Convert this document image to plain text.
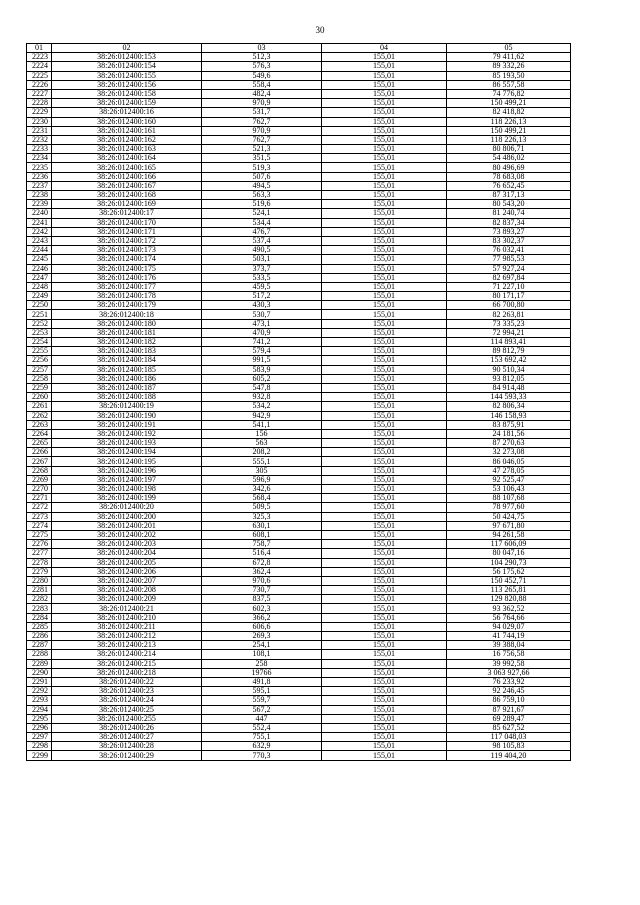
30
01	02	03	04	05
2223	38:26:012400:153	512,3	155,01	79 411,62
2224	38:26:012400:154	576,3	155,01	89 332,26
2225	38:26:012400:155	549,6	155,01	85 193,50
2226	38:26:012400:156	558,4	155,01	86 557,58
2227	38:26:012400:158	482,4	155,01	74 776,82
2228	38:26:012400:159	970,9	155,01	150 499,21
2229	38:26:012400:16	531,7	155,01	82 418,82
2230	38:26:012400:160	762,7	155,01	118 226,13
2231	38:26:012400:161	970,9	155,01	150 499,21
2232	38:26:012400:162	762,7	155,01	118 226,13
2233	38:26:012400:163	521,3	155,01	80 806,71
2234	38:26:012400:164	351,5	155,01	54 486,02
2235	38:26:012400:165	519,3	155,01	80 496,69
2236	38:26:012400:166	507,6	155,01	78 683,08
2237	38:26:012400:167	494,5	155,01	76 652,45
2238	38:26:012400:168	563,3	155,01	87 317,13
2239	38:26:012400:169	519,6	155,01	80 543,20
2240	38:26:012400:17	524,1	155,01	81 240,74
2241	38:26:012400:170	534,4	155,01	82 837,34
2242	38:26:012400:171	476,7	155,01	73 893,27
2243	38:26:012400:172	537,4	155,01	83 302,37
2244	38:26:012400:173	490,5	155,01	76 032,41
2245	38:26:012400:174	503,1	155,01	77 985,53
2246	38:26:012400:175	373,7	155,01	57 927,24
2247	38:26:012400:176	533,5	155,01	82 697,84
2248	38:26:012400:177	459,5	155,01	71 227,10
2249	38:26:012400:178	517,2	155,01	80 171,17
2250	38:26:012400:179	430,3	155,01	66 700,80
2251	38:26:012400:18	530,7	155,01	82 263,81
2252	38:26:012400:180	473,1	155,01	73 335,23
2253	38:26:012400:181	470,9	155,01	72 994,21
2254	38:26:012400:182	741,2	155,01	114 893,41
2255	38:26:012400:183	579,4	155,01	89 812,79
2256	38:26:012400:184	991,5	155,01	153 692,42
2257	38:26:012400:185	583,9	155,01	90 510,34
2258	38:26:012400:186	605,2	155,01	93 812,05
2259	38:26:012400:187	547,8	155,01	84 914,48
2260	38:26:012400:188	932,8	155,01	144 593,33
2261	38:26:012400:19	534,2	155,01	82 806,34
2262	38:26:012400:190	942,9	155,01	146 158,93
2263	38:26:012400:191	541,1	155,01	83 875,91
2264	38:26:012400:192	156	155,01	24 181,56
2265	38:26:012400:193	563	155,01	87 270,63
2266	38:26:012400:194	208,2	155,01	32 273,08
2267	38:26:012400:195	555,1	155,01	86 046,05
2268	38:26:012400:196	305	155,01	47 278,05
2269	38:26:012400:197	596,9	155,01	92 525,47
2270	38:26:012400:198	342,6	155,01	53 106,43
2271	38:26:012400:199	568,4	155,01	88 107,68
2272	38:26:012400:20	509,5	155,01	78 977,60
2273	38:26:012400:200	325,3	155,01	50 424,75
2274	38:26:012400:201	630,1	155,01	97 671,80
2275	38:26:012400:202	608,1	155,01	94 261,58
2276	38:26:012400:203	758,7	155,01	117 606,09
2277	38:26:012400:204	516,4	155,01	80 047,16
2278	38:26:012400:205	672,8	155,01	104 290,73
2279	38:26:012400:206	362,4	155,01	56 175,62
2280	38:26:012400:207	970,6	155,01	150 452,71
2281	38:26:012400:208	730,7	155,01	113 265,81
2282	38:26:012400:209	837,5	155,01	129 820,88
2283	38:26:012400:21	602,3	155,01	93 362,52
2284	38:26:012400:210	366,2	155,01	56 764,66
2285	38:26:012400:211	606,6	155,01	94 029,07
2286	38:26:012400:212	269,3	155,01	41 744,19
2287	38:26:012400:213	254,1	155,01	39 388,04
2288	38:26:012400:214	108,1	155,01	16 756,58
2289	38:26:012400:215	258	155,01	39 992,58
2290	38:26:012400:218	19766	155,01	3 063 927,66
2291	38:26:012400:22	491,8	155,01	76 233,92
2292	38:26:012400:23	595,1	155,01	92 246,45
2293	38:26:012400:24	559,7	155,01	86 759,10
2294	38:26:012400:25	567,2	155,01	87 921,67
2295	38:26:012400:255	447	155,01	69 289,47
2296	38:26:012400:26	552,4	155,01	85 627,52
2297	38:26:012400:27	755,1	155,01	117 048,03
2298	38:26:012400:28	632,9	155,01	98 105,83
2299	38:26:012400:29	770,3	155,01	119 404,20
